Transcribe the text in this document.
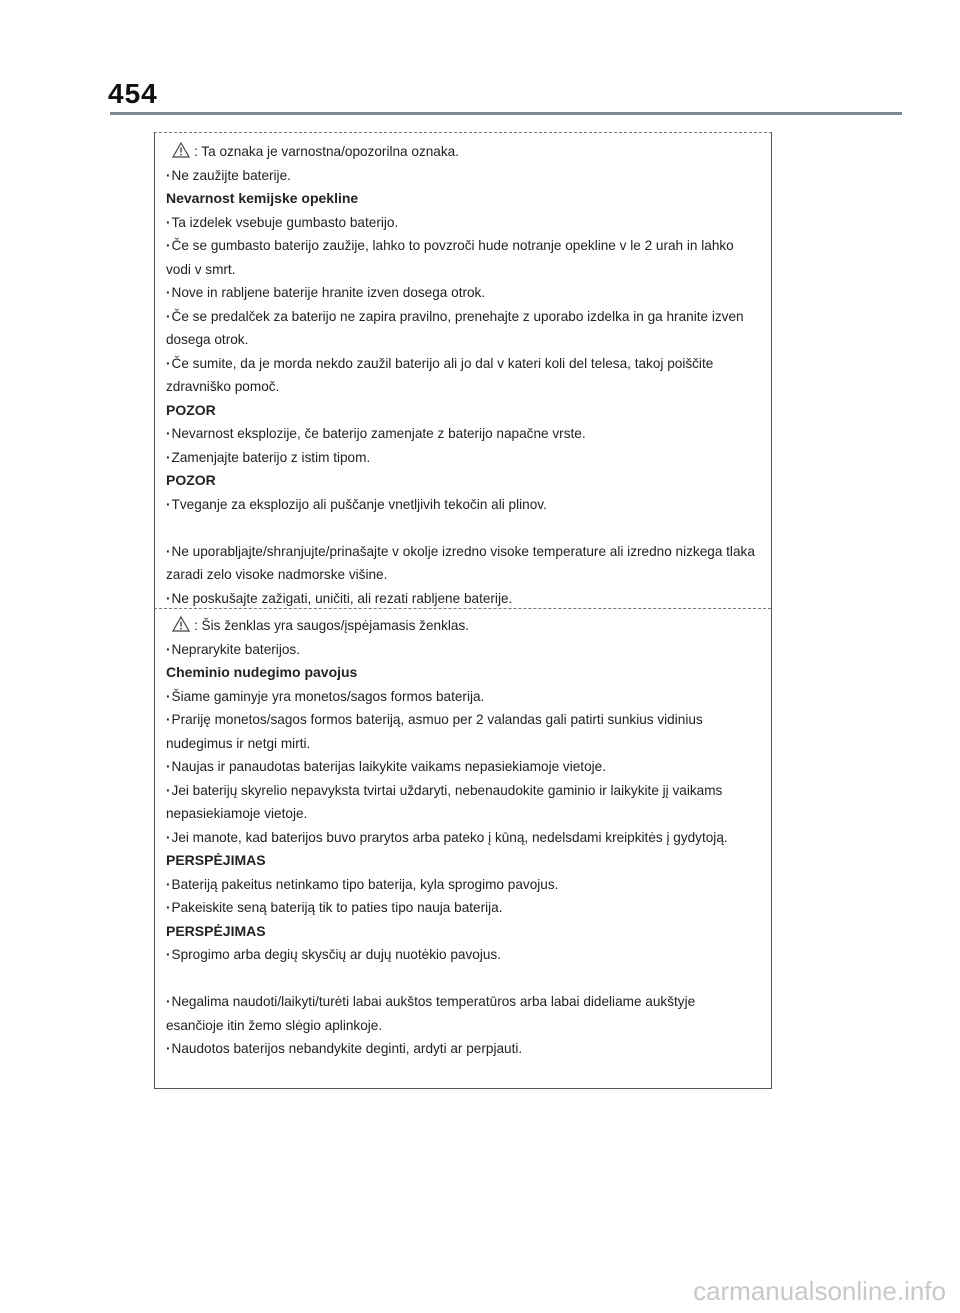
454
: Ta oznaka je varnostna/opozorilna oznaka.
· Ne zaužijte baterije.
Nevarnost kemijske opekline
· Ta izdelek vsebuje gumbasto baterijo.
· Če se gumbasto baterijo zaužije, lahko to povzroči hude notranje opekline v le 2 urah in lahko vodi v smrt.
· Nove in rabljene baterije hranite izven dosega otrok.
· Če se predalček za baterijo ne zapira pravilno, prenehajte z uporabo izdelka in ga hranite izven dosega otrok.
· Če sumite, da je morda nekdo zaužil baterijo ali jo dal v kateri koli del telesa, takoj poiščite zdravniško pomoč.
POZOR
· Nevarnost eksplozije, če baterijo zamenjate z baterijo napačne vrste.
· Zamenjajte baterijo z istim tipom.
POZOR
· Tveganje za eksplozijo ali puščanje vnetljivih tekočin ali plinov.
· Ne uporabljajte/shranjujte/prinašajte v okolje izredno visoke temperature ali izredno nizkega tlaka zaradi zelo visoke nadmorske višine.
· Ne poskušajte zažigati, uničiti, ali rezati rabljene baterije.
: Šis ženklas yra saugos/įspėjamasis ženklas.
· Neprarykite baterijos.
Cheminio nudegimo pavojus
· Šiame gaminyje yra monetos/sagos formos baterija.
· Prariję monetos/sagos formos bateriją, asmuo per 2 valandas gali patirti sunkius vidinius nudegimus ir netgi mirti.
· Naujas ir panaudotas baterijas laikykite vaikams nepasiekiamoje vietoje.
· Jei baterijų skyrelio nepavyksta tvirtai uždaryti, nebenaudokite gaminio ir laikykite jį vaikams nepasiekiamoje vietoje.
· Jei manote, kad baterijos buvo prarytos arba pateko į kūną, nedelsdami kreipkitės į gydytoją.
PERSPĖJIMAS
· Bateriją pakeitus netinkamo tipo baterija, kyla sprogimo pavojus.
· Pakeiskite seną bateriją tik to paties tipo nauja baterija.
PERSPĖJIMAS
· Sprogimo arba degių skysčių ar dujų nuotėkio pavojus.
· Negalima naudoti/laikyti/turėti labai aukštos temperatūros arba labai dideliame aukštyje esančioje itin žemo slėgio aplinkoje.
· Naudotos baterijos nebandykite deginti, ardyti ar perpjauti.
carmanualsonline.info
